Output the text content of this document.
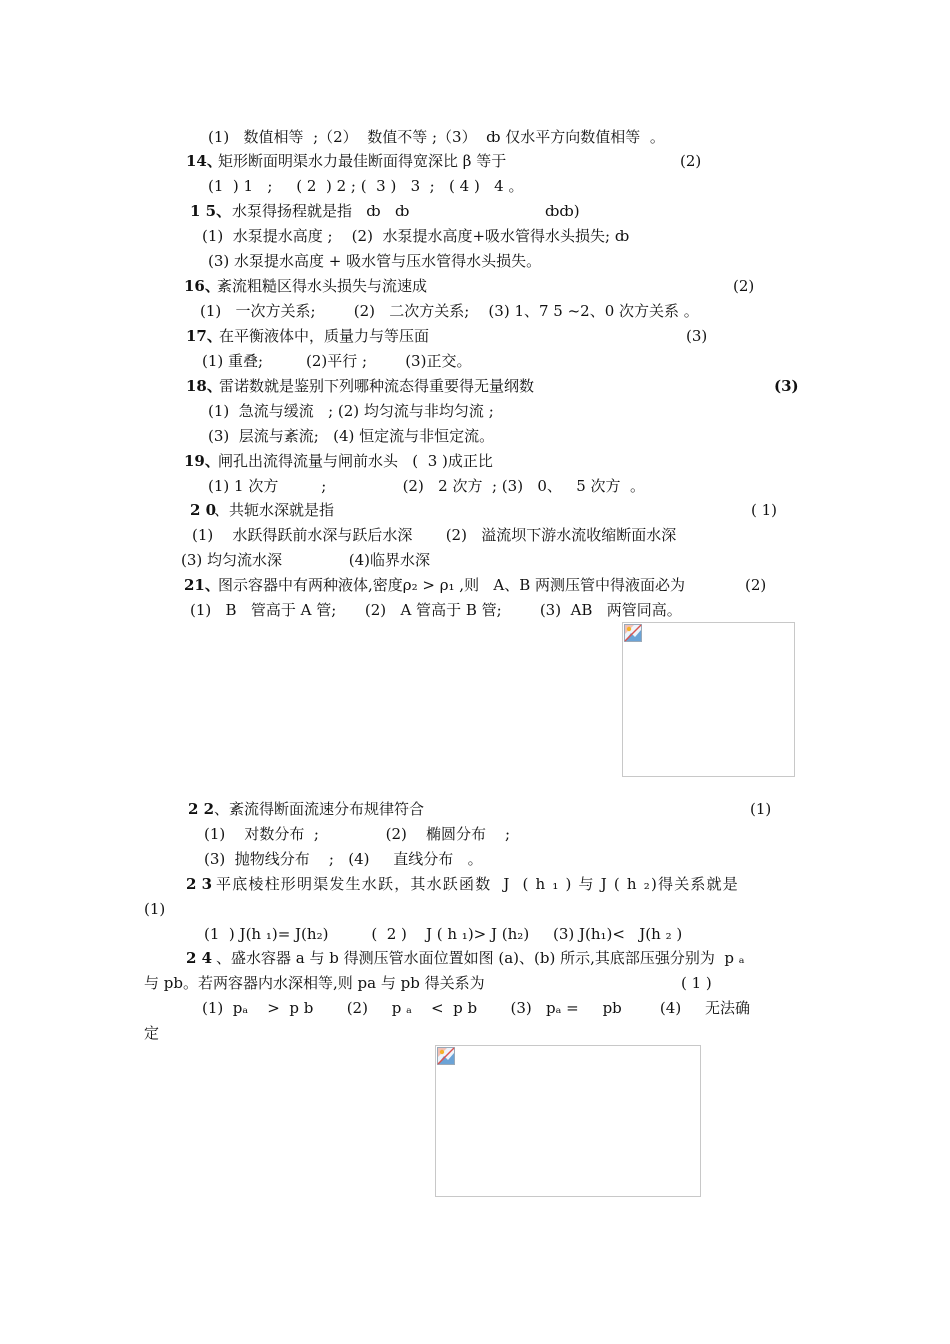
(1)   数值相等  ;（2）  数值不等 ;（3）  ȸ 仅水平方向数值相等  。
14、
矩形断面明渠水力最佳断面得宽深比 β 等于	(2)
(1  ) 1   ;     ( 2  ) 2 ; (  3 )   3  ;   ( 4 )   4 。
1 5、 水泵得扬程就是指   ȸ   ȸ	ȸȸ)
(1)  水泵提水高度 ;    (2)  水泵提水高度+吸水管得水头损失; ȸ
(3) 水泵提水高度 + 吸水管与压水管得水头损失。
16、
紊流粗糙区得水头损失与流速成	(2)
(1)   一次方关系;        (2)   二次方关系;    (3) 1、7 5 ~2、0 次方关系 。
17、
在平衡液体中，质量力与等压面	(3)
(1) 重叠;         (2)平行 ;        (3)正交。
18、
雷诺数就是鉴别下列哪种流态得重要得无量纲数	(3)
(1)  急流与缓流   ; (2) 均匀流与非均匀流 ;
(3)  层流与紊流;   (4) 恒定流与非恒定流。
19、
闸孔出流得流量与闸前水头   (  3 )成正比
(1) 1 次方         ;                (2)   2 次方  ; (3)   0、   5 次方  。
2 0
、共轭水深就是指	( 1)
(1)    水跃得跃前水深与跃后水深       (2)   溢流坝下游水流收缩断面水深
(3) 均匀流水深              (4)临界水深
21、
图示容器中有两种液体,密度ρ₂ > ρ₁ ,则   A、B 两测压管中得液面必为	(2)
(1)   B   管高于 A 管;      (2)   A 管高于 B 管;        (3)  AB   两管同高。
2 2 、紊流得断面流速分布规律符合	(1)
(1)    对数分布  ;              (2)    椭圆分布    ;
(3)  抛物线分布    ;   (4)     直线分布   。
2 3 平底棱柱形明渠发生水跃，其水跃函数  J  ( h ₁ ) 与 J ( h ₂)得关系就是
(1)
(1  ) J(h ₁)= J(h₂)         (  2 )    J ( h ₁)> J (h₂)     (3) J(h₁)<   J(h ₂ )
2 4 、盛水容器 a 与 b 得测压管水面位置如图 (a)、(b) 所示,其底部压强分别为  p ₐ
与 pb。若两容器内水深相等,则 pa 与 pb 得关系为	( 1 )
(1)  pₐ    >  p b       (2)     p ₐ    <  p b       (3)   pₐ =     pb        (4)     无法确
定
